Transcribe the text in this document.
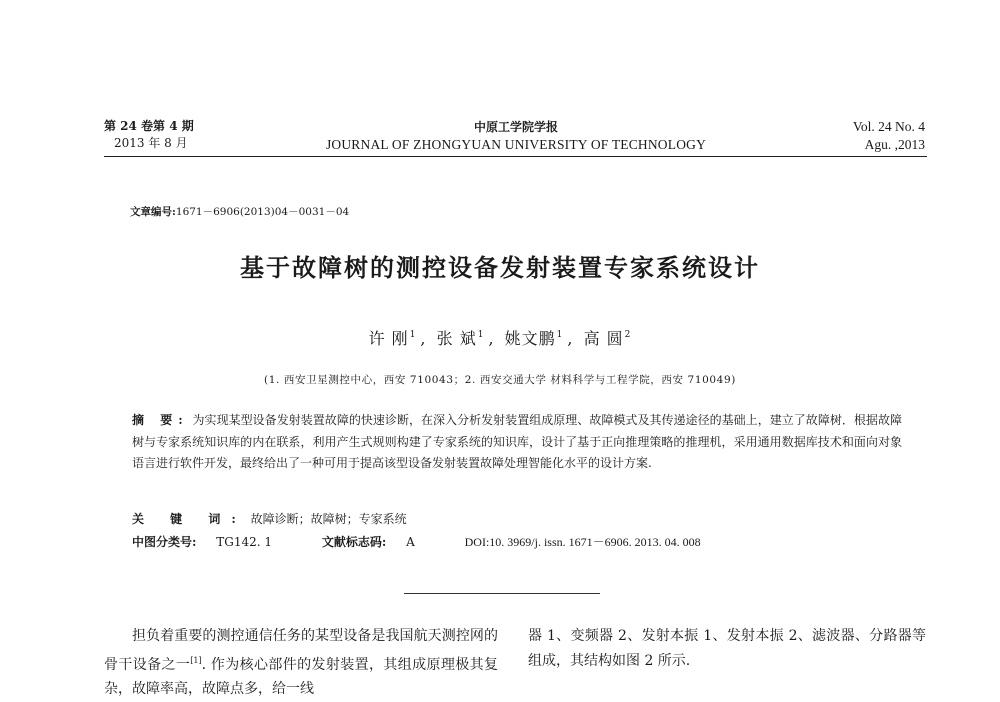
第 24 卷第 4 期
2013 年 8 月
中原工学院学报
JOURNAL OF ZHONGYUAN UNIVERSITY OF TECHNOLOGY
Vol. 24 No. 4
Agu. ,2013
文章编号:1671－6906(2013)04－0031－04
基于故障树的测控设备发射装置专家系统设计
许 刚$^1$ , 张 斌$^1$ , 姚文鹏$^1$ , 高 圆$^2$
(1. 西安卫星测控中心，西安 710043；2. 西安交通大学 材料科学与工程学院，西安 710049)
摘 要: 为实现某型设备发射装置故障的快速诊断，在深入分析发射装置组成原理、故障模式及其传递途径的基础上，建立了故障树．根据故障树与专家系统知识库的内在联系，利用产生式规则构建了专家系统的知识库，设计了基于正向推理策略的推理机，采用通用数据库技术和面向对象语言进行软件开发，最终给出了一种可用于提高该型设备发射装置故障处理智能化水平的设计方案.
关 键 词: 故障诊断；故障树；专家系统
中图分类号: TG142. 1	文献标志码: A	DOI:10. 3969/j. issn. 1671－6906. 2013. 04. 008
担负着重要的测控通信任务的某型设备是我国航天测控网的骨干设备之一[1]. 作为核心部件的发射装置，其组成原理极其复杂，故障率高，故障点多，给一线
器 1、变频器 2、发射本振 1、发射本振 2、滤波器、分路器等组成，其结构如图 2 所示.
